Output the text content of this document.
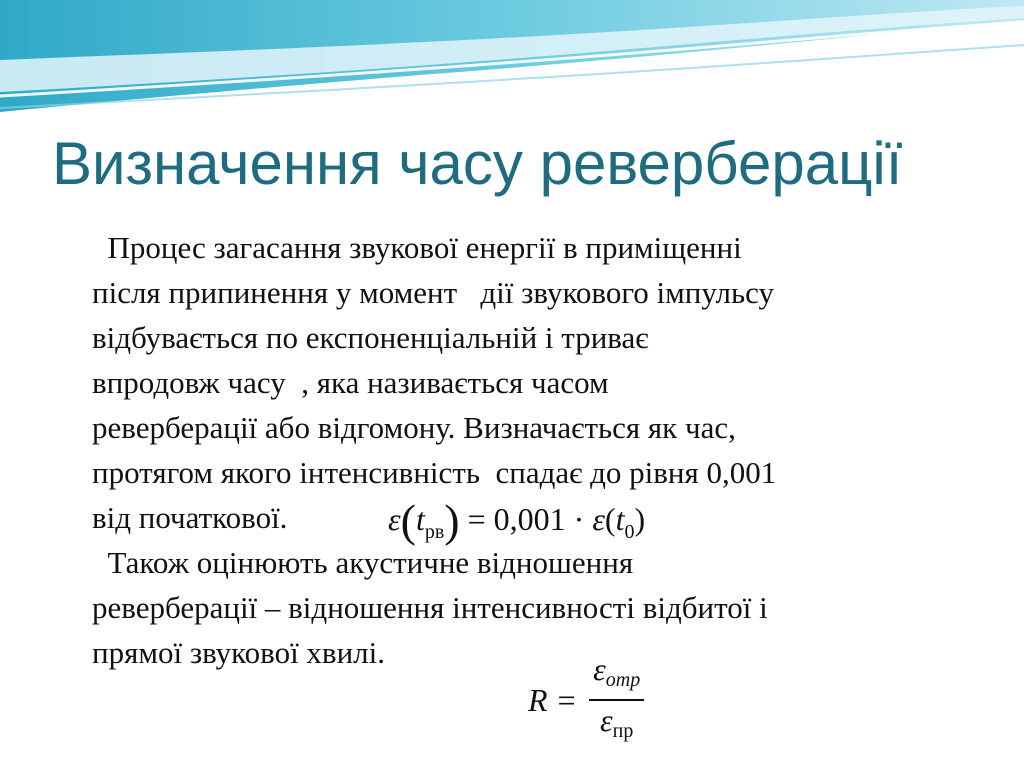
Визначення часу реверберації

Процес загасання звукової енергії в приміщенні
після припинення у момент   дії звукового імпульсу
відбувається по експоненціальній і триває
впродовж часу  , яка називається часом
реверберації або відгомону. Визначається як час,
протягом якого інтенсивність  спадає до рівня 0,001
від початкової.

Також оцінюють акустичне відношення
реверберації – відношення інтенсивності відбитої і
прямої звукової хвилі.

$\varepsilon(t_{рв}) = 0,001 \cdot \varepsilon(t_0)$
$R = \frac{\varepsilon_{отр}}{\varepsilon_{пр}}$
